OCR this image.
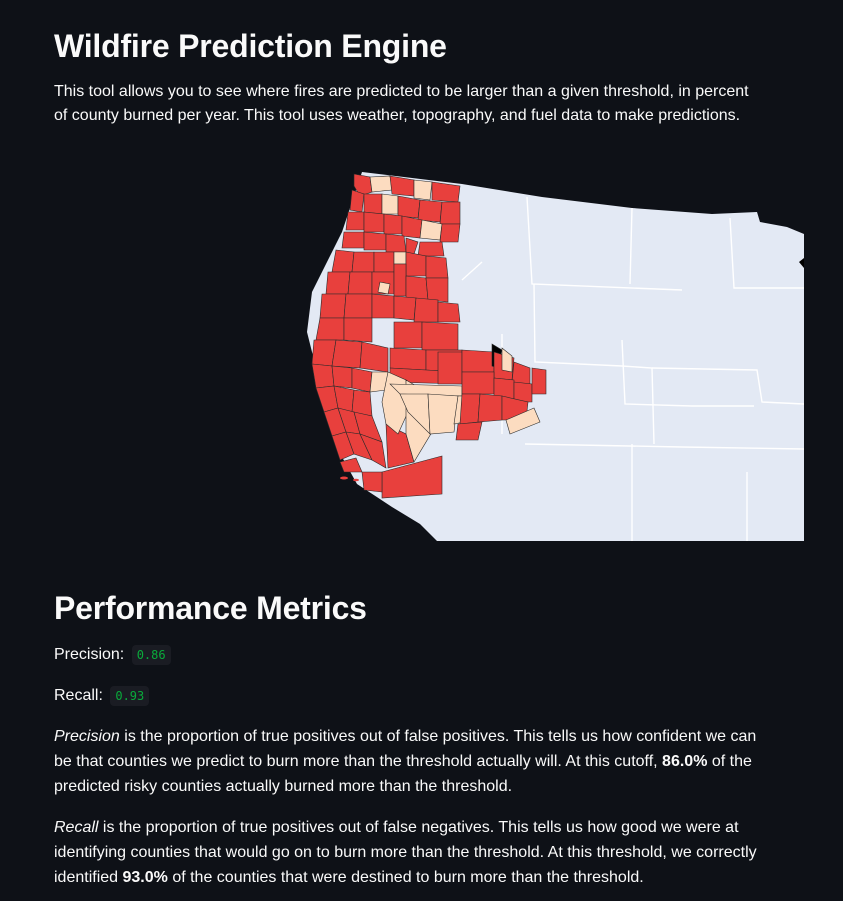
Wildfire Prediction Engine

This tool allows you to see where fires are predicted to be larger than a given threshold, in percent of county burned per year. This tool uses weather, topography, and fuel data to make predictions.

Performance Metrics
Precision: 0.86
Recall: 0.93

Precision is the proportion of true positives out of false positives. This tells us how confident we can be that counties we predict to burn more than the threshold actually will. At this cutoff, 86.0% of the predicted risky counties actually burned more than the threshold.

Recall is the proportion of true positives out of false negatives. This tells us how good we were at identifying counties that would go on to burn more than the threshold. At this threshold, we correctly identified 93.0% of the counties that were destined to burn more than the threshold.
